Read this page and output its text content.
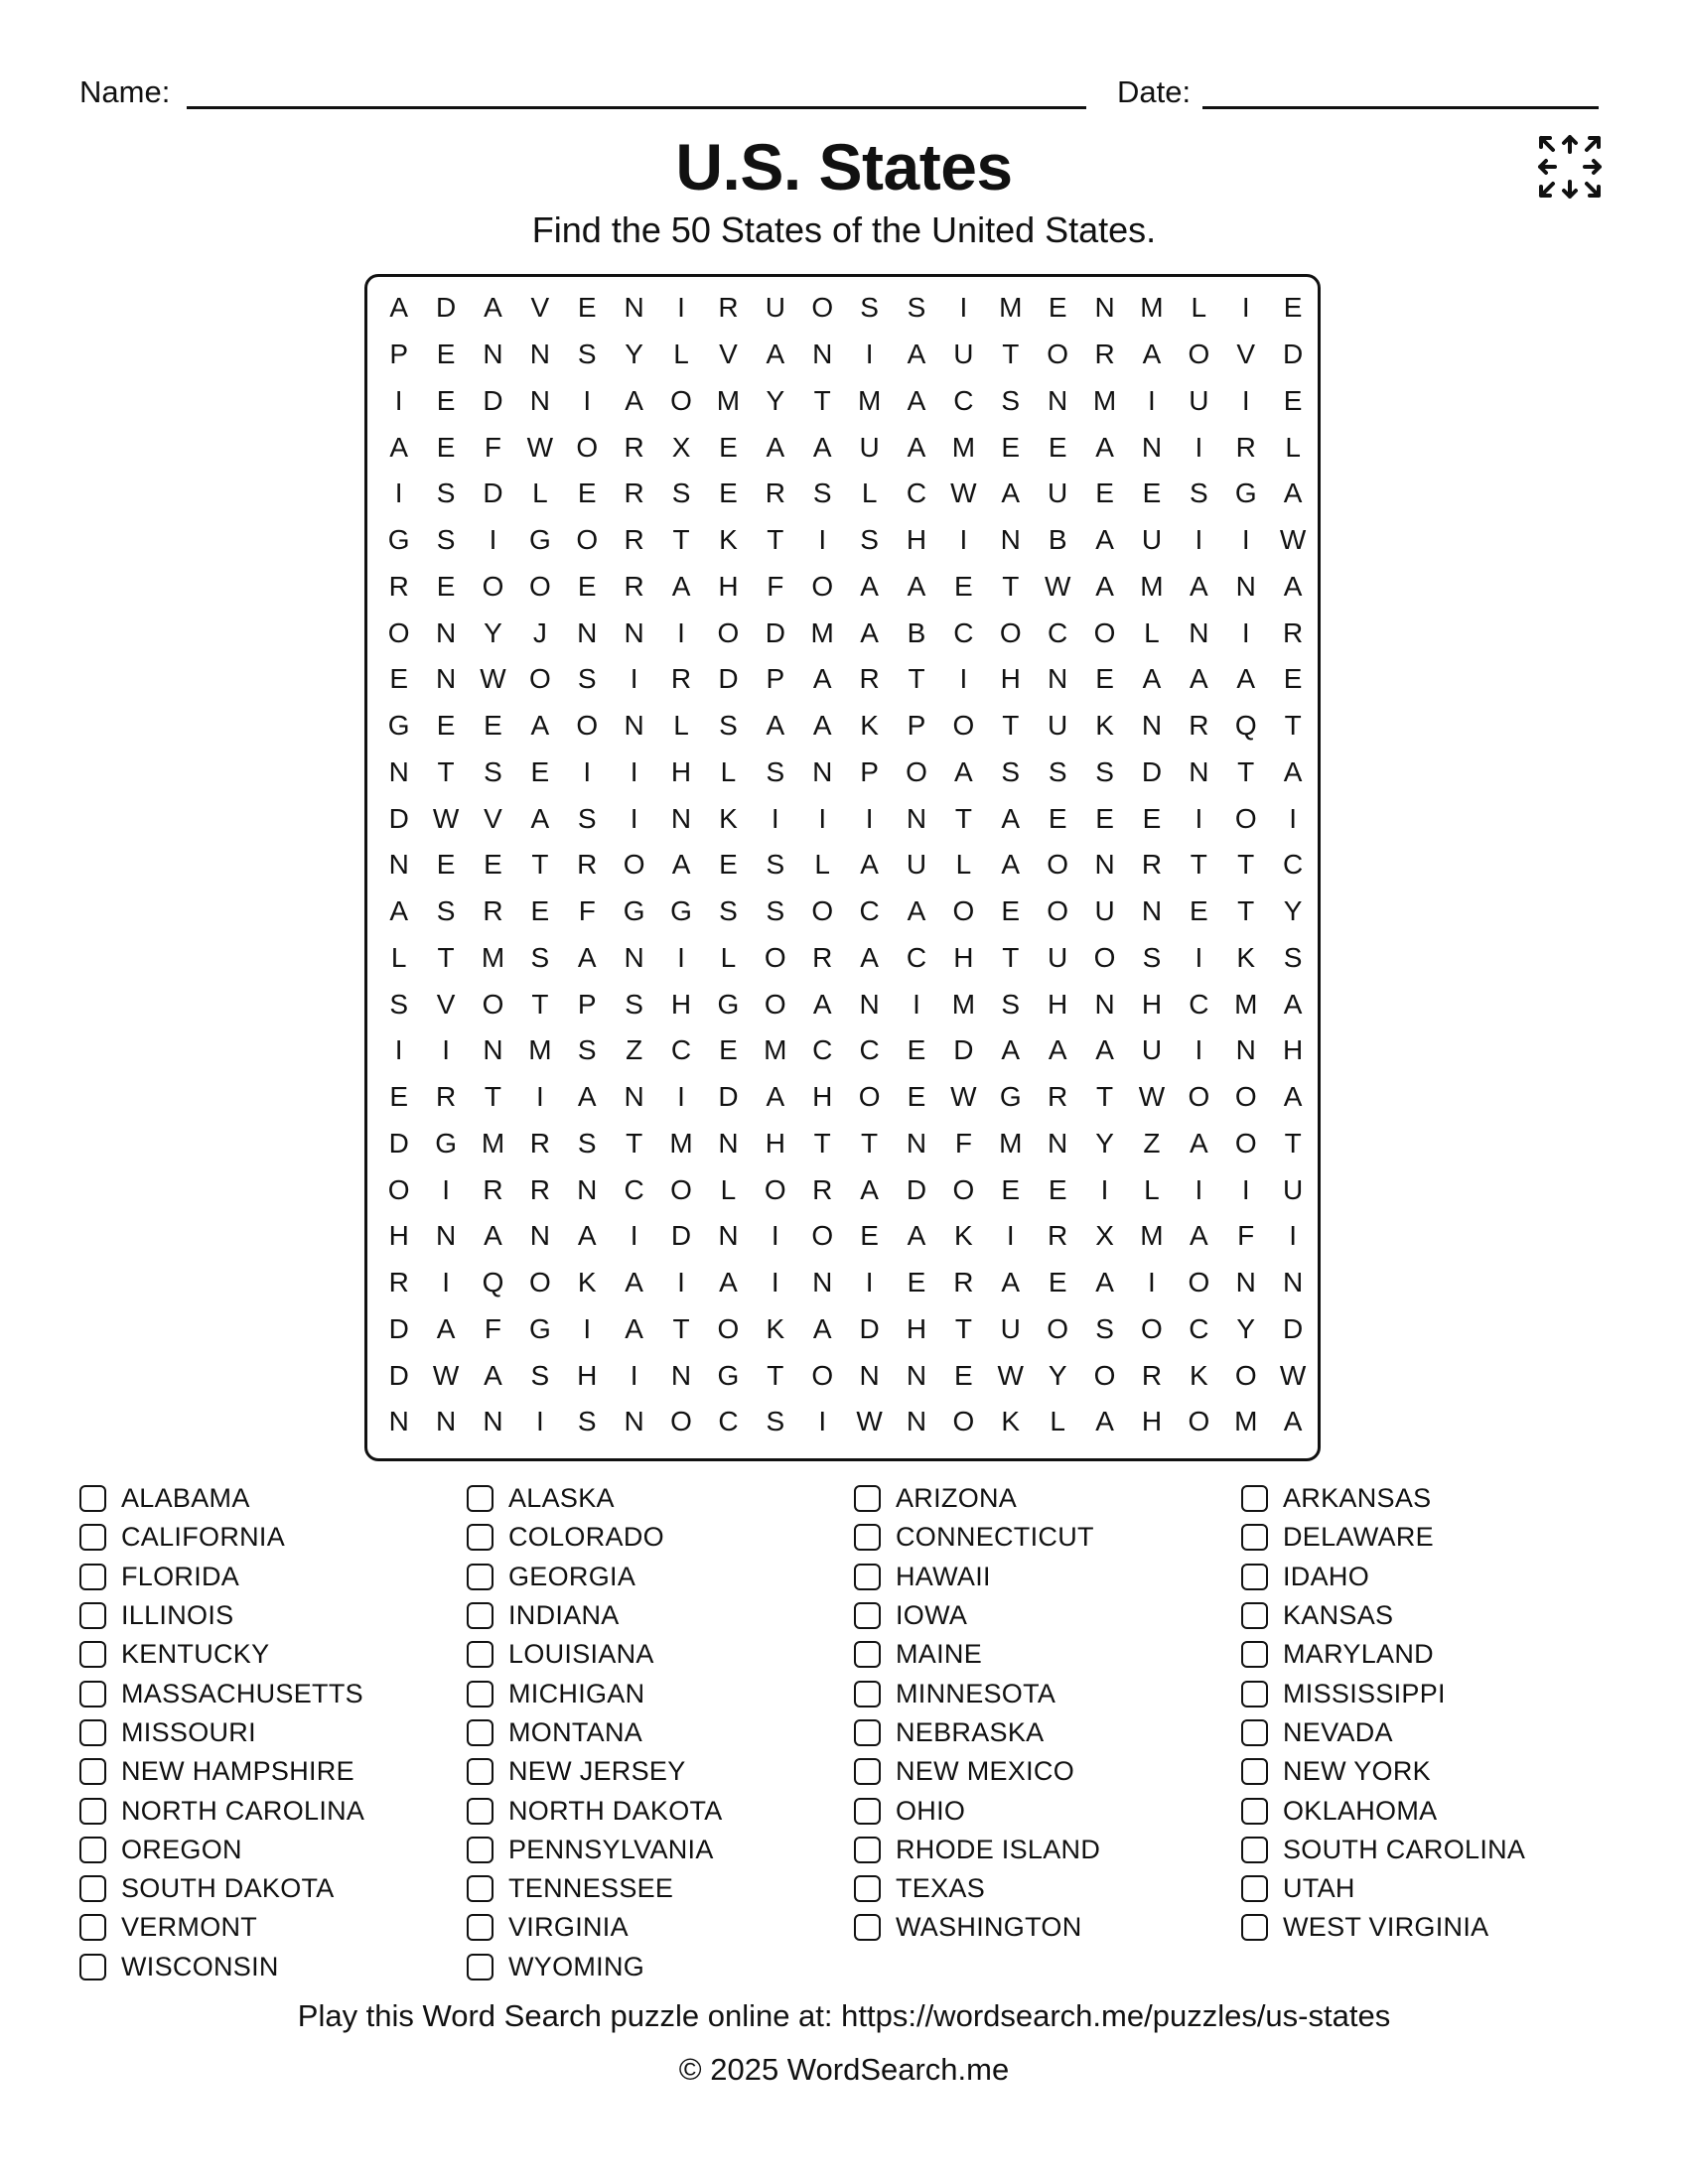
Name:	Date:
U.S. States
Find the 50 States of the United States.
A D A	V	E N	I	R U O S	S	I	M E N M L	I	E
P	E N N S	Y	L	V	A N	I	A U	T O R A O V D
I	E D N	I	A O M Y	T M A C S N M	I	U	I	E
A	E	F W O R X	E	A	A U A M E	E	A N	I	R	L
I	S D	L	E R S	E R S	L	C W A U E	E	S G A
G S	I	G O R	T	K	T	I	S H	I	N B	A U	I	I	W
R E O O E R A H	F O A	A	E	T W A M A N A
O N Y	J	N N	I	O D M A	B C O C O	L	N	I	R
E N W O S	I	R D P	A R	T	I	H N E	A	A	A	E
G E	E	A O N	L	S	A	A	K	P O T	U K N R Q T
N	T	S	E	I	I	H	L	S N P O A	S	S	S D N	T	A
D W V	A	S	I	N K	I	I	I	N	T	A	E	E	E	I	O	I
N E	E	T	R O A	E	S	L	A U	L	A O N R	T	T	C
A	S R E	F G G S	S O C A O E O U N E	T	Y
L	T M S	A N	I	L	O R A C H	T	U O S	I	K	S
S	V O T	P	S H G O A N	I	M S H N H C M A
I	I	N M S	Z	C E M C C E D A	A	A U	I	N H
E R	T	I	A N	I	D A H O E W G R	T W O O A
D G M R S	T M N H	T	T	N	F M N Y	Z	A O T
O	I	R R N C O	L	O R A D O E	E	I	L	I	I	U
H N A N A	I	D N	I	O E	A	K	I	R X M A	F	I
R	I	Q O K	A	I	A	I	N	I	E R A	E	A	I	O N N
D A	F G	I	A	T O K	A D H	T	U O S O C Y D
D W A	S H	I	N G T O N N E W Y O R K O W
N N N	I	S N O C S	I	W N O K	L	A H O M A
ALABAMA	ALASKA	ARIZONA	ARKANSAS
CALIFORNIA	COLORADO	CONNECTICUT	DELAWARE
FLORIDA	GEORGIA	HAWAII	IDAHO
ILLINOIS	INDIANA	IOWA	KANSAS
KENTUCKY	LOUISIANA	MAINE	MARYLAND
MASSACHUSETTS	MICHIGAN	MINNESOTA	MISSISSIPPI
MISSOURI	MONTANA	NEBRASKA	NEVADA
NEW HAMPSHIRE	NEW JERSEY	NEW MEXICO	NEW YORK
NORTH CAROLINA	NORTH DAKOTA	OHIO	OKLAHOMA
OREGON	PENNSYLVANIA	RHODE ISLAND	SOUTH CAROLINA
SOUTH DAKOTA	TENNESSEE	TEXAS	UTAH
VERMONT	VIRGINIA	WASHINGTON	WEST VIRGINIA
WISCONSIN	WYOMING
Play this Word Search puzzle online at: https://wordsearch.me/puzzles/us-states
© 2025 WordSearch.me
